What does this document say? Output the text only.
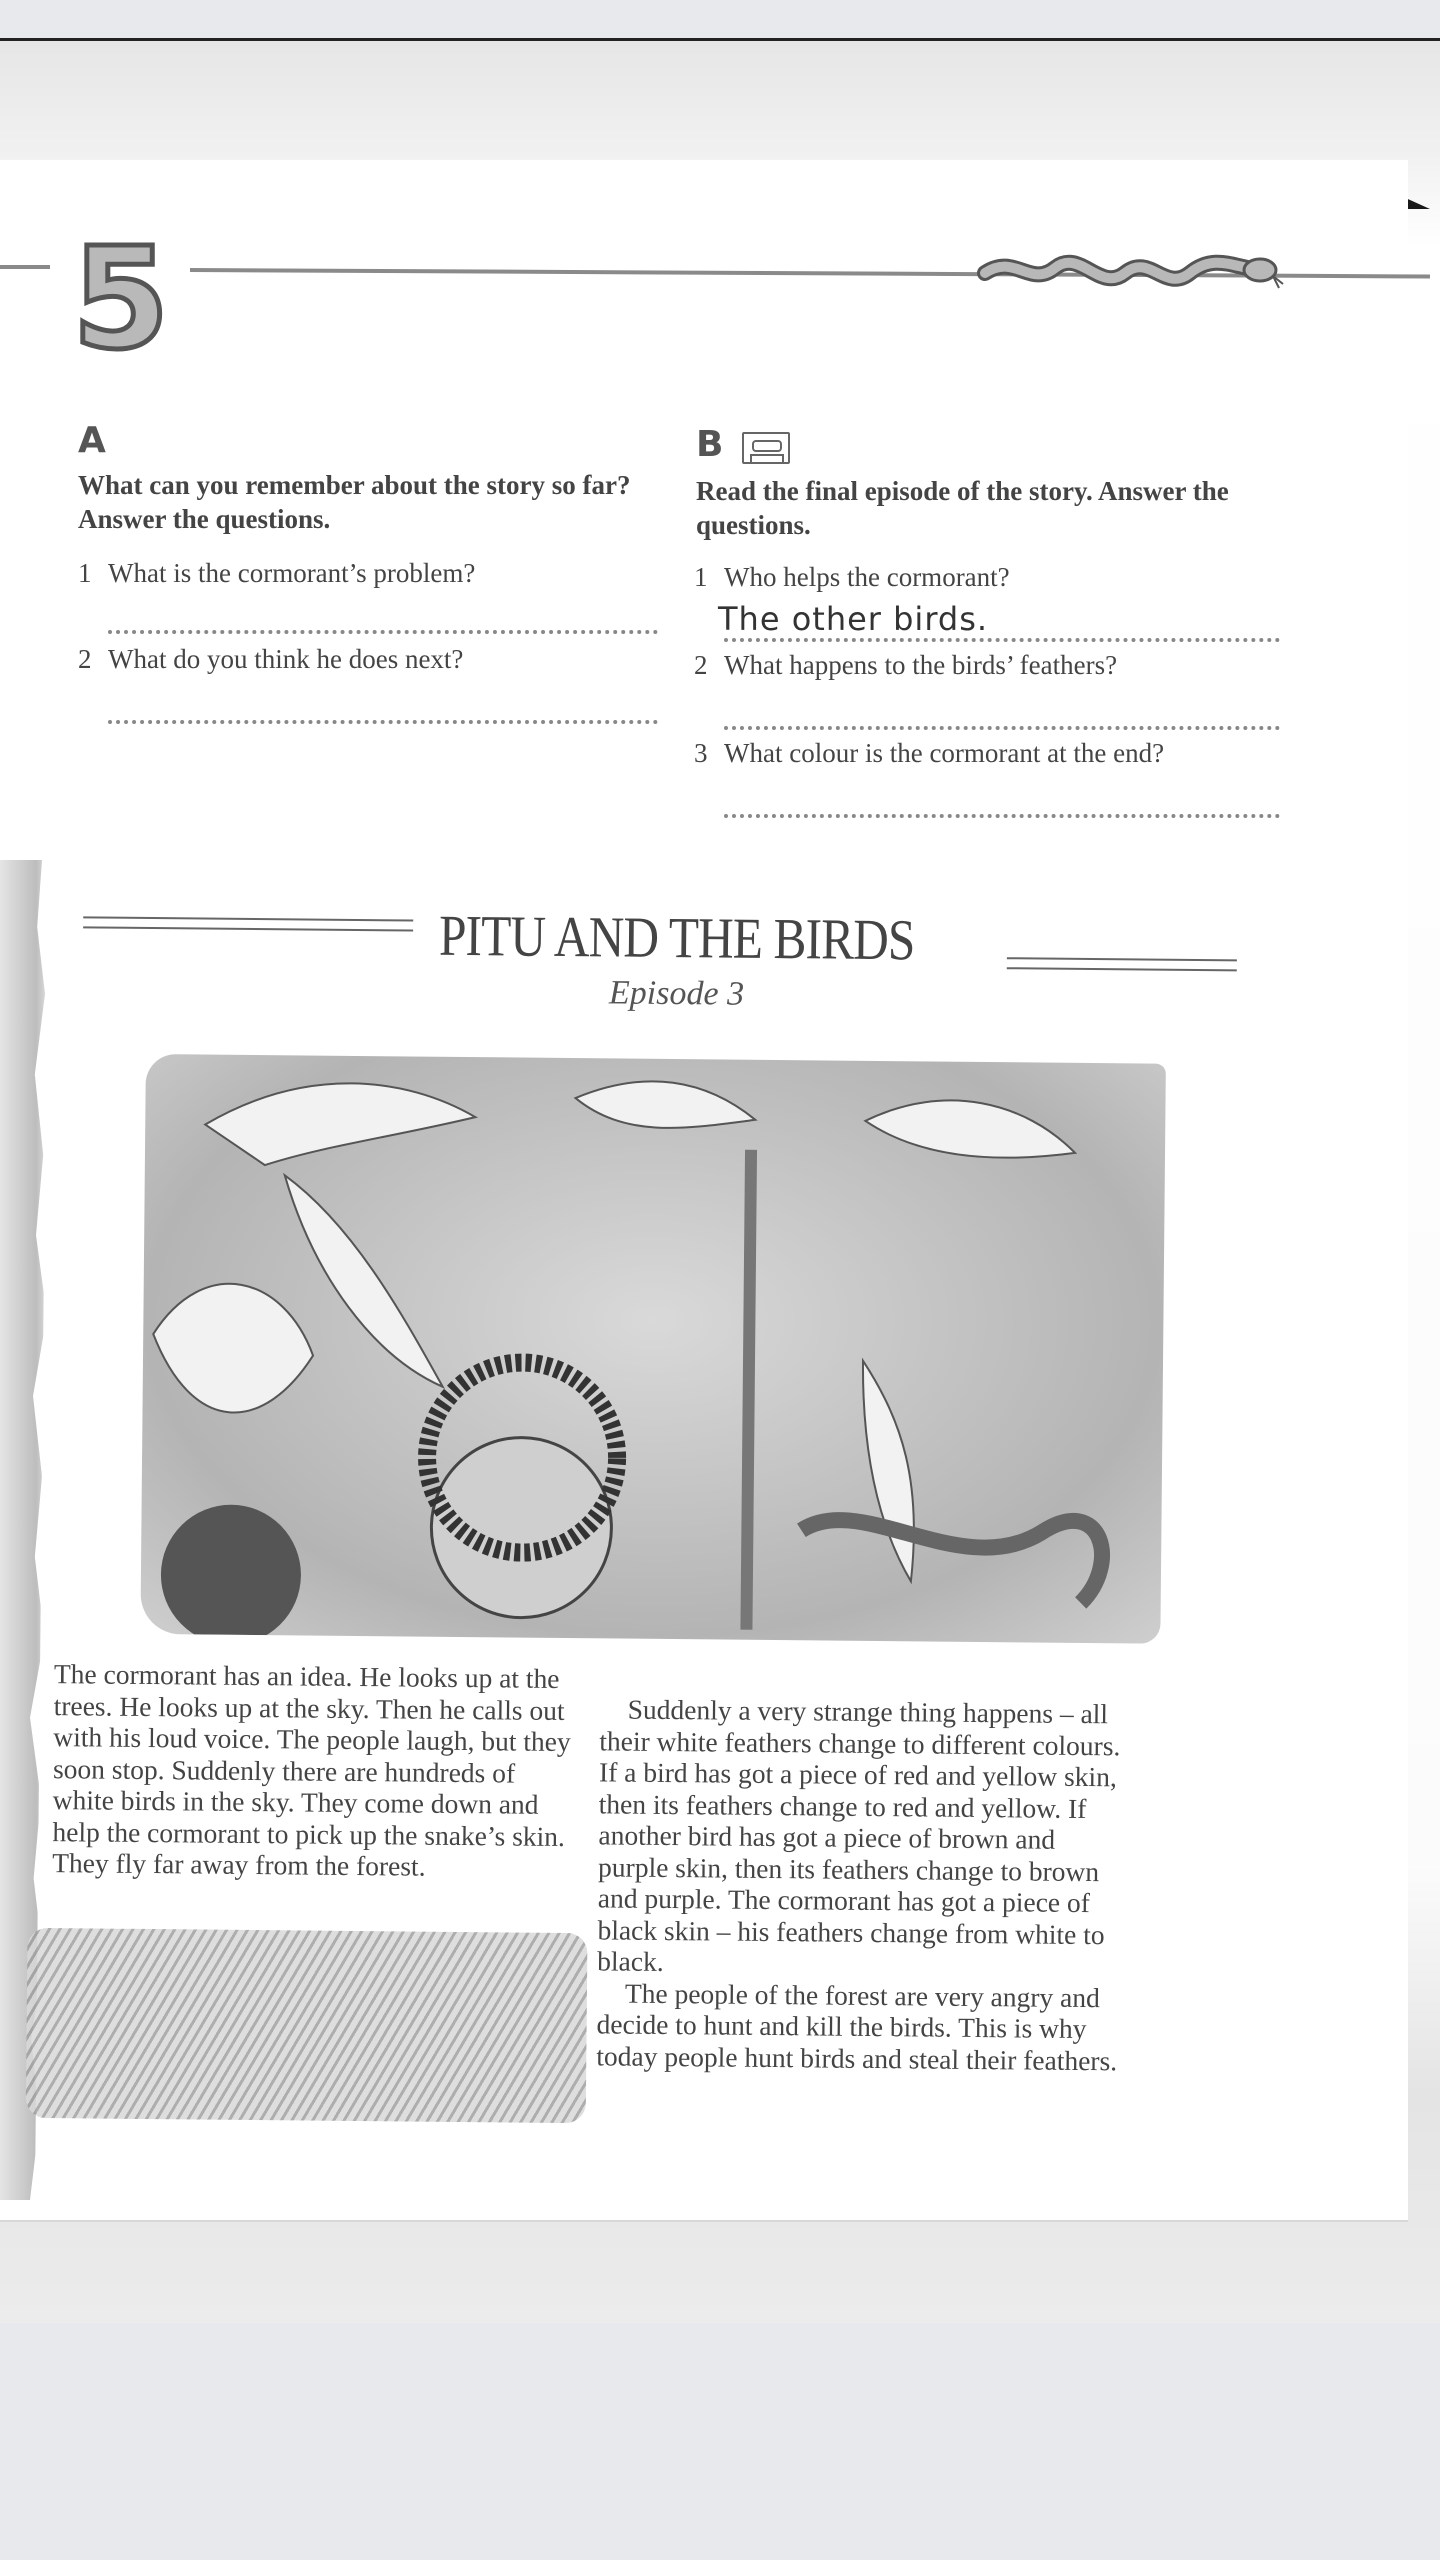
5
A
What can you remember about the story so far? Answer the questions.
1 What is the cormorant’s problem?
2 What do you think he does next?
B
Read the final episode of the story. Answer the questions.
1 Who helps the cormorant?
The other birds.
2 What happens to the birds’ feathers?
3 What colour is the cormorant at the end?
PITU AND THE BIRDS
Episode 3

The cormorant has an idea. He looks up at the trees. He looks up at the sky. Then he calls out with his loud voice. The people laugh, but they soon stop. Suddenly there are hundreds of white birds in the sky. They come down and help the cormorant to pick up the snake’s skin. They fly far away from the forest.

Suddenly a very strange thing happens – all their white feathers change to different colours. If a bird has got a piece of red and yellow skin, then its feathers change to red and yellow. If another bird has got a piece of brown and purple skin, then its feathers change to brown and purple. The cormorant has got a piece of black skin – his feathers change from white to black.

The people of the forest are very angry and decide to hunt and kill the birds. This is why today people hunt birds and steal their feathers.
